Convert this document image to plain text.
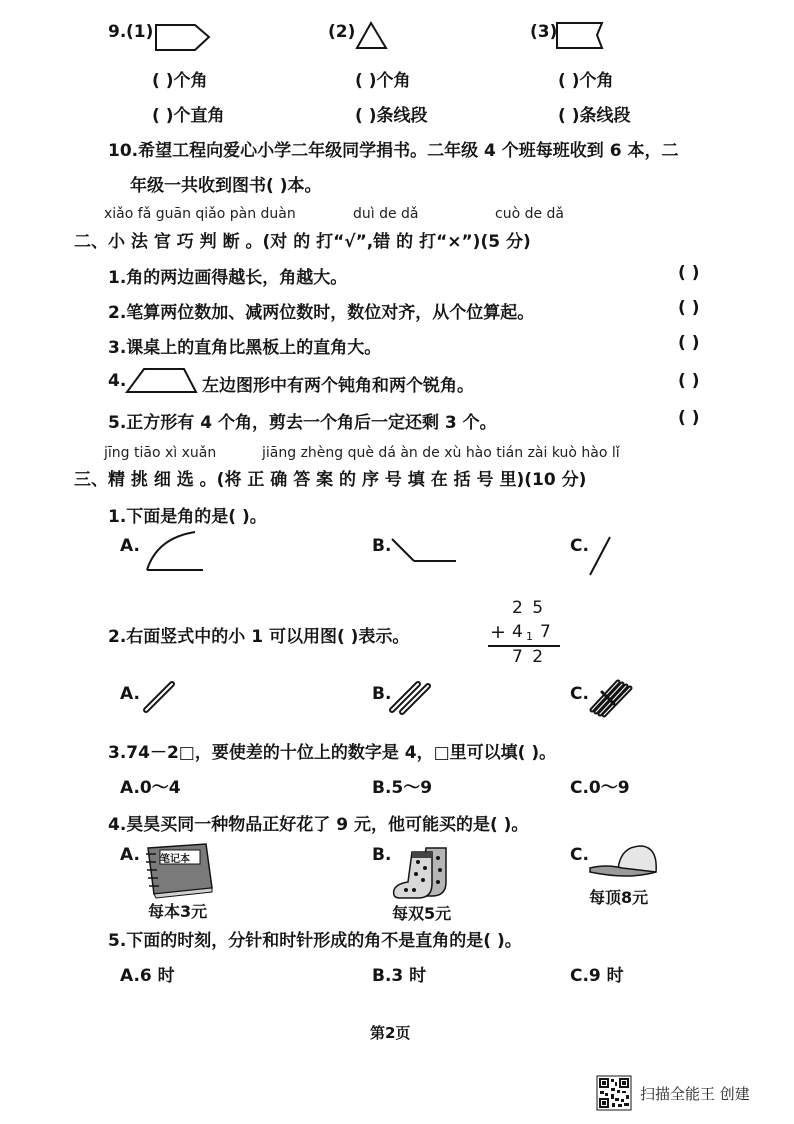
9. (1)	(2)	(3)
( )个角	( )个角	( )个角
( )个直角	( )条线段	( )条线段
10.希望工程向爱心小学二年级同学捐书。二年级 4 个班每班收到 6 本，二
年级一共收到图书( )本。
xiǎo fǎ guān qiǎo pàn duàn	duì de dǎ	cuò de dǎ
二、小 法 官 巧 判 断 。(对 的 打“√”,错 的 打“×”)(5 分)
1.角的两边画得越长，角越大。	( )
2.笔算两位数加、减两位数时，数位对齐，从个位算起。	( )
3.课桌上的直角比黑板上的直角大。	( )
4.	左边图形中有两个钝角和两个锐角。	( )
5.正方形有 4 个角，剪去一个角后一定还剩 3 个。	( )
jīng tiāo xì xuǎn	jiāng zhèng què dá àn de xù hào tián zài kuò hào lǐ
三、精 挑 细 选 。(将 正 确 答 案 的 序 号 填 在 括 号 里)(10 分)
1.下面是角的是( )。
A.	B.	C.
2.右面竖式中的小 1 可以用图( )表示。
2 5
+ 4 1 7
7 2
A.	B.	C.
3.74－2□，要使差的十位上的数字是 4，□里可以填( )。
A.0～4	B.5～9	C.0～9
4.昊昊买同一种物品正好花了 9 元，他可能买的是( )。
A. 笔记本
每本3元
B.
每双5元
C.
每顶8元
5.下面的时刻，分针和时针形成的角不是直角的是( )。
A.6 时	B.3 时	C.9 时
第2页
扫描全能王 创建
